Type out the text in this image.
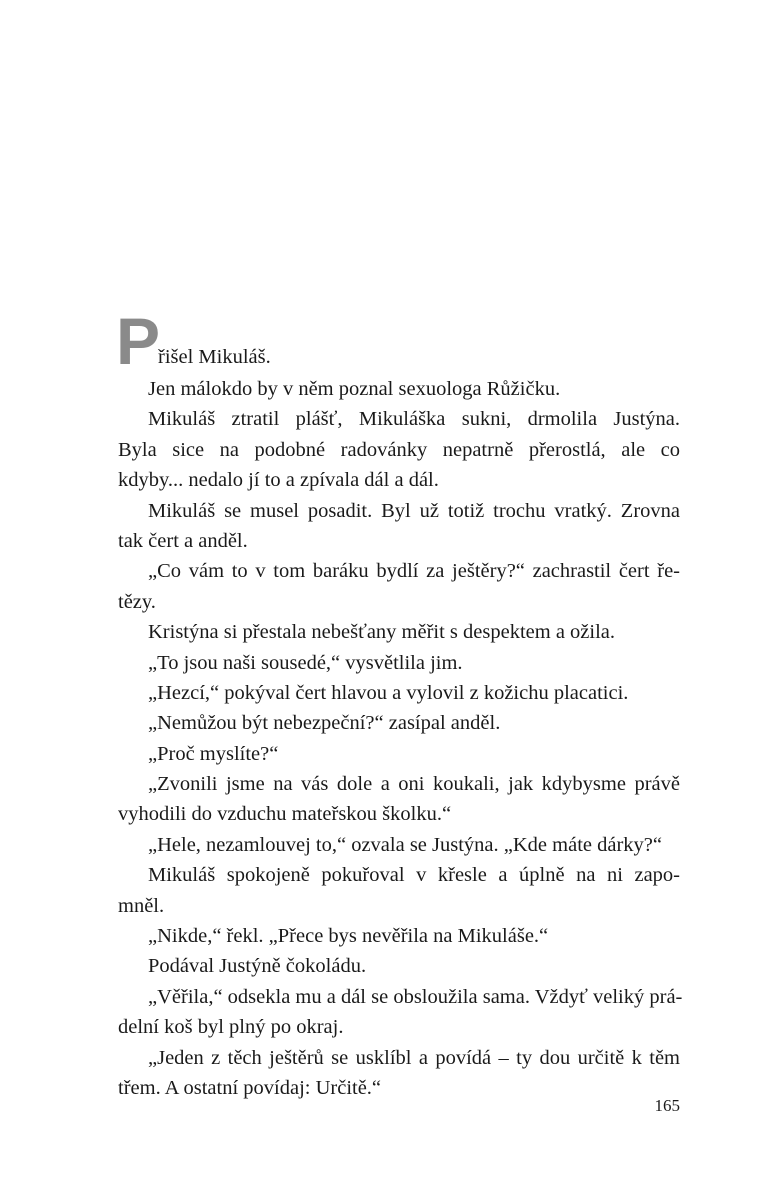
P
řišel Mikuláš.
Jen málokdo by v něm poznal sexuologa Růžičku.
Mikuláš ztratil plášť, Mikuláška sukni, drmolila Justýna.
Byla sice na podobné radovánky nepatrně přerostlá, ale co
kdyby... nedalo jí to a zpívala dál a dál.
Mikuláš se musel posadit. Byl už totiž trochu vratký. Zrovna
tak čert a anděl.
„Co vám to v tom baráku bydlí za ještěry?“ zachrastil čert ře-
tězy.
Kristýna si přestala nebešťany měřit s despektem a ožila.
„To jsou naši sousedé,“ vysvětlila jim.
„Hezcí,“ pokýval čert hlavou a vylovil z kožichu placatici.
„Nemůžou být nebezpeční?“ zasípal anděl.
„Proč myslíte?“
„Zvonili jsme na vás dole a oni koukali, jak kdybysme právě
vyhodili do vzduchu mateřskou školku.“
„Hele, nezamlouvej to,“ ozvala se Justýna. „Kde máte dárky?“
Mikuláš spokojeně pokuřoval v křesle a úplně na ni zapo-
mněl.
„Nikde,“ řekl. „Přece bys nevěřila na Mikuláše.“
Podával Justýně čokoládu.
„Věřila,“ odsekla mu a dál se obsloužila sama. Vždyť veliký prá-
delní koš byl plný po okraj.
„Jeden z těch ještěrů se usklíbl a povídá – ty dou určitě k těm
třem. A ostatní povídaj: Určitě.“
165
